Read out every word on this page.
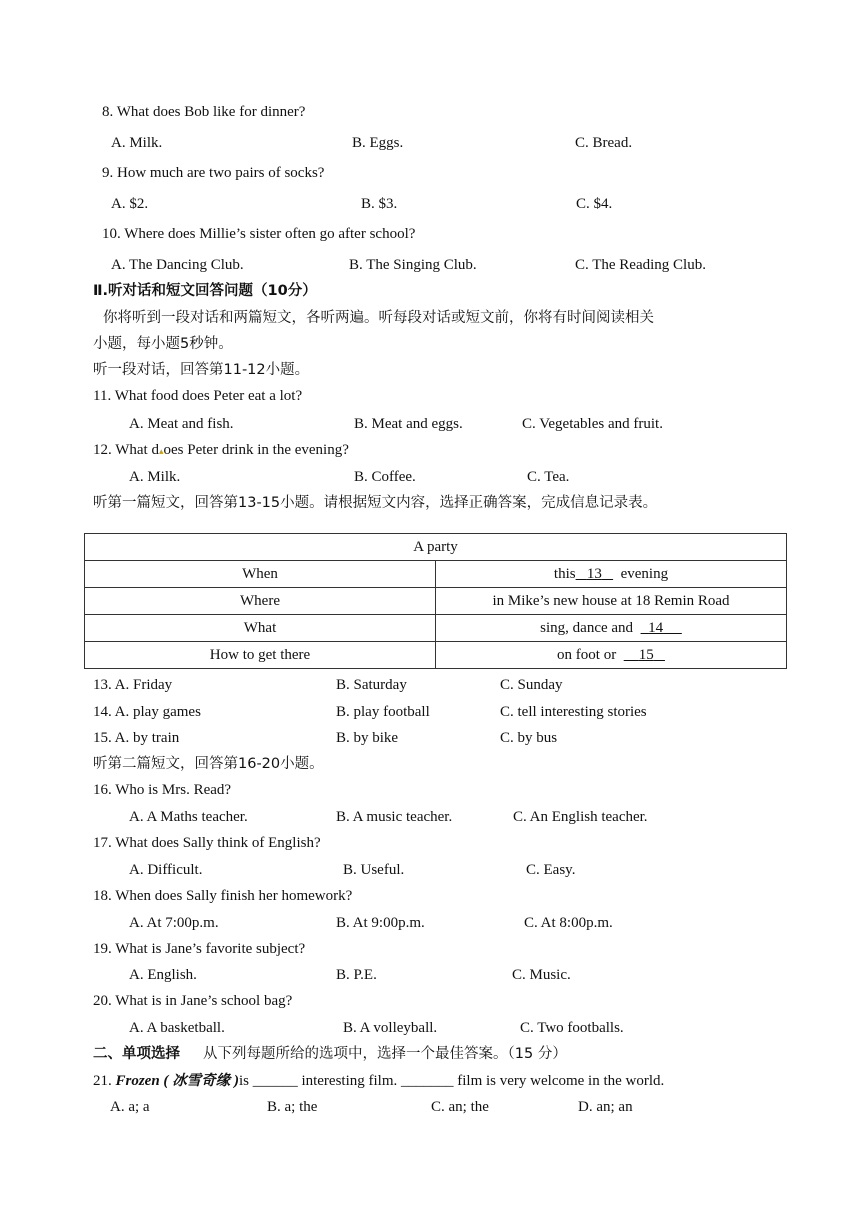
8. What does Bob like for dinner?
A. Milk.	B. Eggs.	C. Bread.
9. How much are two pairs of socks?
A. $2.	B. $3.	C. $4.
10. Where does Millie’s sister often go after school?
A. The Dancing Club.	B. The Singing Club.	C. The Reading Club.
Ⅱ.听对话和短文回答问题（10分）
你将听到一段对话和两篇短文，各听两遍。听每段对话或短文前，你将有时间阅读相关
小题，每小题5秒钟。
听一段对话，回答第11-12小题。
11. What food does Peter eat a lot?
A. Meat and fish.	B. Meat and eggs.	C. Vegetables and fruit.
12. What d▴oes Peter drink in the evening?
A. Milk.	B. Coffee.	C. Tea.
听第一篇短文，回答第13-15小题。请根据短文内容，选择正确答案，完成信息记录表。
A party	
When	this 13 evening
Where	in Mike’s new house at 18 Remin Road
What	sing, dance and 14
How to get there	on foot or 15
13. A. Friday	B. Saturday	C. Sunday
14. A. play games	B. play football	C. tell interesting stories
15. A. by train	B. by bike	C. by bus
听第二篇短文，回答第16-20小题。
16. Who is Mrs. Read?
A. A Maths teacher.	B. A music teacher.	C. An English teacher.
17. What does Sally think of English?
A. Difficult.	B. Useful.	C. Easy.
18. When does Sally finish her homework?
A. At 7:00p.m.	B. At 9:00p.m.	C. At 8:00p.m.
19. What is Jane’s favorite subject?
A. English.	B. P.E.	C. Music.
20. What is in Jane’s school bag?
A. A basketball.	B. A volleyball.	C. Two footballs.
二、单项选择 从下列每题所给的选项中，选择一个最佳答案。（15 分）
21. Frozen ( 冰雪奇缘 )is ______ interesting film. _______ film is very welcome in the world.
A. a; a	B. a; the	C. an; the	D. an; an
